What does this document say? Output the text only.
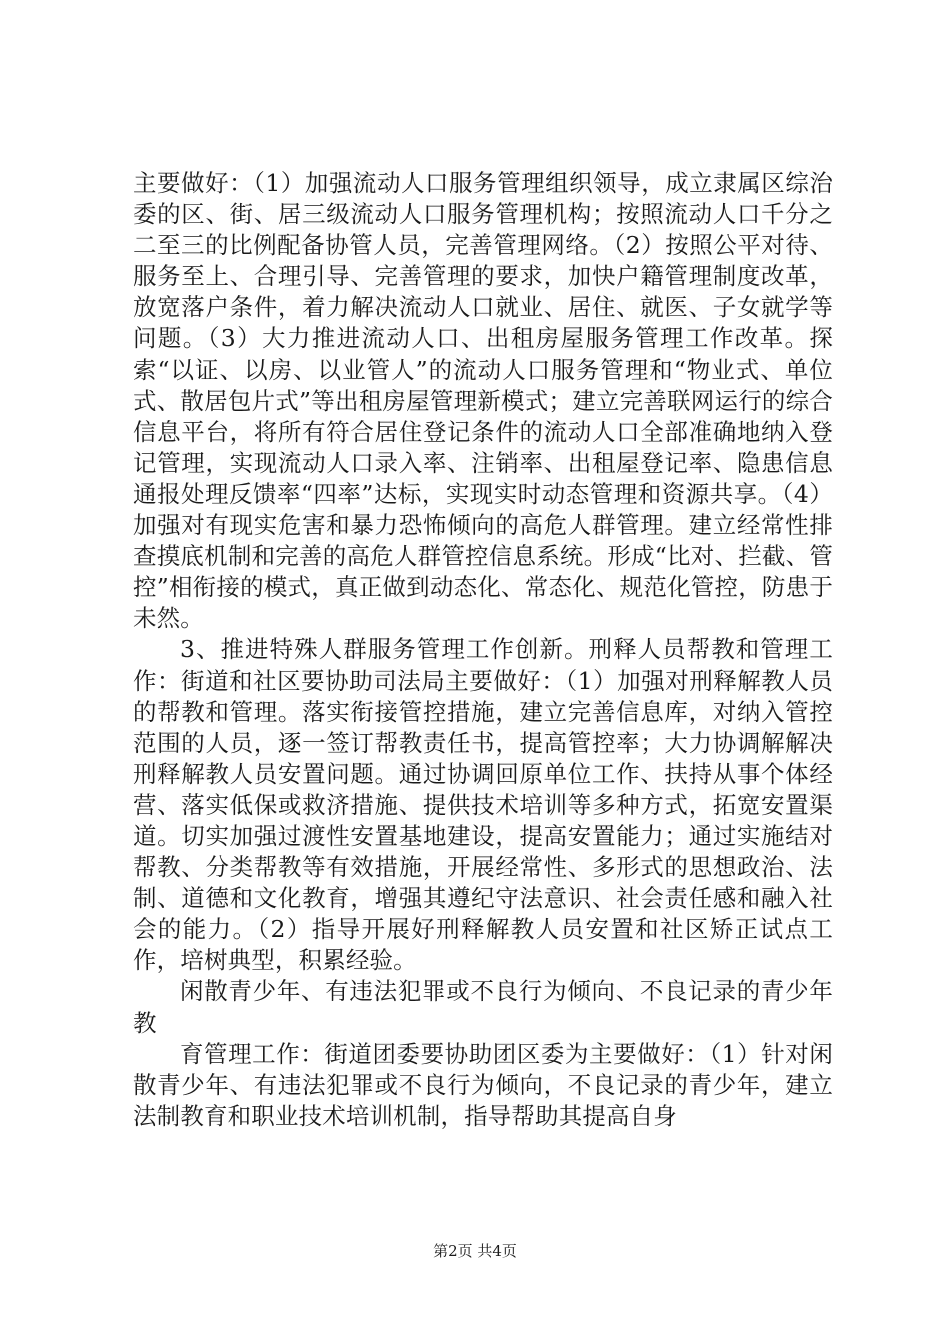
主要做好：（1）加强流动人口服务管理组织领导，成立隶属区综治委的区、街、居三级流动人口服务管理机构；按照流动人口千分之二至三的比例配备协管人员，完善管理网络。（2）按照公平对待、服务至上、合理引导、完善管理的要求，加快户籍管理制度改革，放宽落户条件，着力解决流动人口就业、居住、就医、子女就学等问题。（3）大力推进流动人口、出租房屋服务管理工作改革。探索“以证、以房、以业管人”的流动人口服务管理和“物业式、单位式、散居包片式”等出租房屋管理新模式；建立完善联网运行的综合信息平台，将所有符合居住登记条件的流动人口全部准确地纳入登记管理，实现流动人口录入率、注销率、出租屋登记率、隐患信息通报处理反馈率“四率”达标，实现实时动态管理和资源共享。（4）加强对有现实危害和暴力恐怖倾向的高危人群管理。建立经常性排查摸底机制和完善的高危人群管控信息系统。形成“比对、拦截、管控”相衔接的模式，真正做到动态化、常态化、规范化管控，防患于未然。

3、推进特殊人群服务管理工作创新。刑释人员帮教和管理工作：街道和社区要协助司法局主要做好：（1）加强对刑释解教人员的帮教和管理。落实衔接管控措施，建立完善信息库，对纳入管控范围的人员，逐一签订帮教责任书，提高管控率；大力协调解解决刑释解教人员安置问题。通过协调回原单位工作、扶持从事个体经营、落实低保或救济措施、提供技术培训等多种方式，拓宽安置渠道。切实加强过渡性安置基地建设，提高安置能力；通过实施结对帮教、分类帮教等有效措施，开展经常性、多形式的思想政治、法制、道德和文化教育，增强其遵纪守法意识、社会责任感和融入社会的能力。（2）指导开展好刑释解教人员安置和社区矫正试点工作，培树典型，积累经验。

闲散青少年、有违法犯罪或不良行为倾向、不良记录的青少年教

育管理工作：街道团委要协助团区委为主要做好：（1）针对闲散青少年、有违法犯罪或不良行为倾向，不良记录的青少年，建立法制教育和职业技术培训机制，指导帮助其提高自身

第2页 共4页
